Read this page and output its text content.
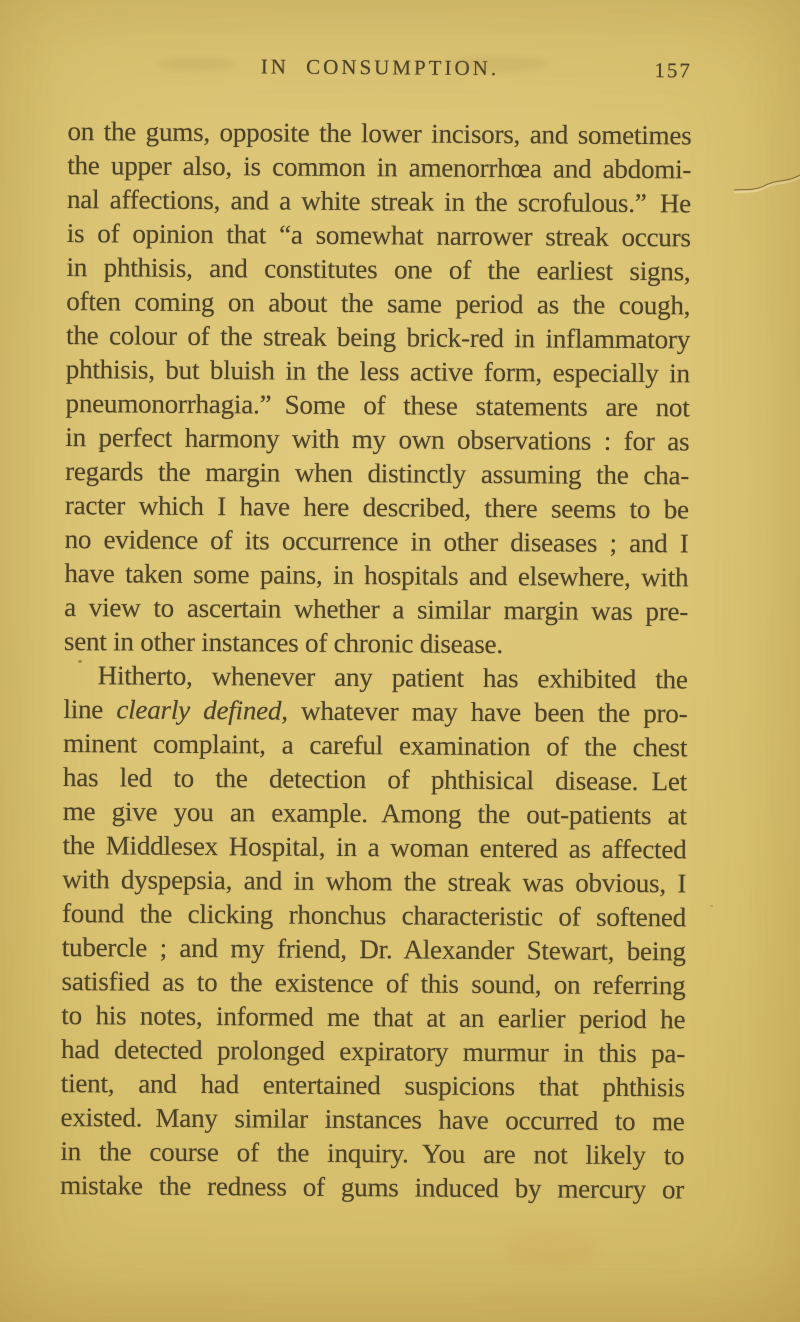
IN CONSUMPTION.	157
on the gums, opposite the lower incisors, and sometimes
the upper also, is common in amenorrhœa and abdomi-
nal affections, and a white streak in the scrofulous.” He
is of opinion that “a somewhat narrower streak occurs
in phthisis, and constitutes one of the earliest signs,
often coming on about the same period as the cough,
the colour of the streak being brick-red in inflammatory
phthisis, but bluish in the less active form, especially in
pneumonorrhagia.” Some of these statements are not
in perfect harmony with my own observations : for as
regards the margin when distinctly assuming the cha-
racter which I have here described, there seems to be
no evidence of its occurrence in other diseases ; and I
have taken some pains, in hospitals and elsewhere, with
a view to ascertain whether a similar margin was pre-
sent in other instances of chronic disease.
Hitherto, whenever any patient has exhibited the
line clearly defined, whatever may have been the pro-
minent complaint, a careful examination of the chest
has led to the detection of phthisical disease. Let
me give you an example. Among the out-patients at
the Middlesex Hospital, in a woman entered as affected
with dyspepsia, and in whom the streak was obvious, I
found the clicking rhonchus characteristic of softened
tubercle ; and my friend, Dr. Alexander Stewart, being
satisfied as to the existence of this sound, on referring
to his notes, informed me that at an earlier period he
had detected prolonged expiratory murmur in this pa-
tient, and had entertained suspicions that phthisis
existed. Many similar instances have occurred to me
in the course of the inquiry. You are not likely to
mistake the redness of gums induced by mercury or
